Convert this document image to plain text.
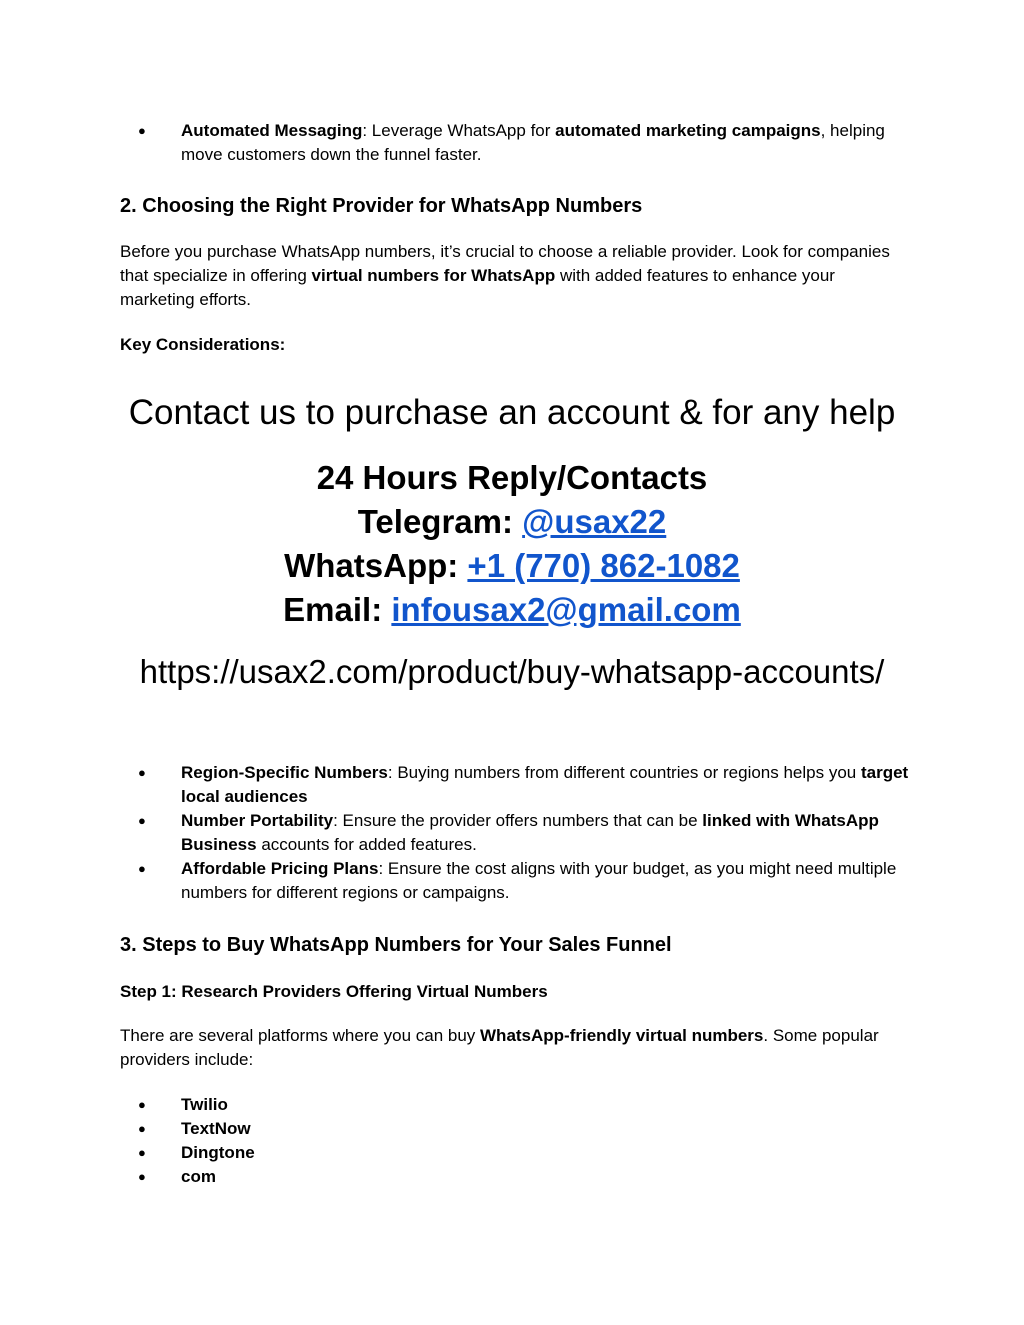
● Automated Messaging: Leverage WhatsApp for automated marketing campaigns, helping move customers down the funnel faster.
2. Choosing the Right Provider for WhatsApp Numbers
Before you purchase WhatsApp numbers, it’s crucial to choose a reliable provider. Look for companies that specialize in offering virtual numbers for WhatsApp with added features to enhance your marketing efforts.
Key Considerations:
Contact us to purchase an account & for any help
24 Hours Reply/Contacts
Telegram: @usax22
WhatsApp: +1 (770) 862-1082
Email: infousax2@gmail.com
https://usax2.com/product/buy-whatsapp-accounts/
● Region-Specific Numbers: Buying numbers from different countries or regions helps you target local audiences
● Number Portability: Ensure the provider offers numbers that can be linked with WhatsApp Business accounts for added features.
● Affordable Pricing Plans: Ensure the cost aligns with your budget, as you might need multiple numbers for different regions or campaigns.
3. Steps to Buy WhatsApp Numbers for Your Sales Funnel
Step 1: Research Providers Offering Virtual Numbers
There are several platforms where you can buy WhatsApp-friendly virtual numbers. Some popular providers include:
● Twilio
● TextNow
● Dingtone
● com
